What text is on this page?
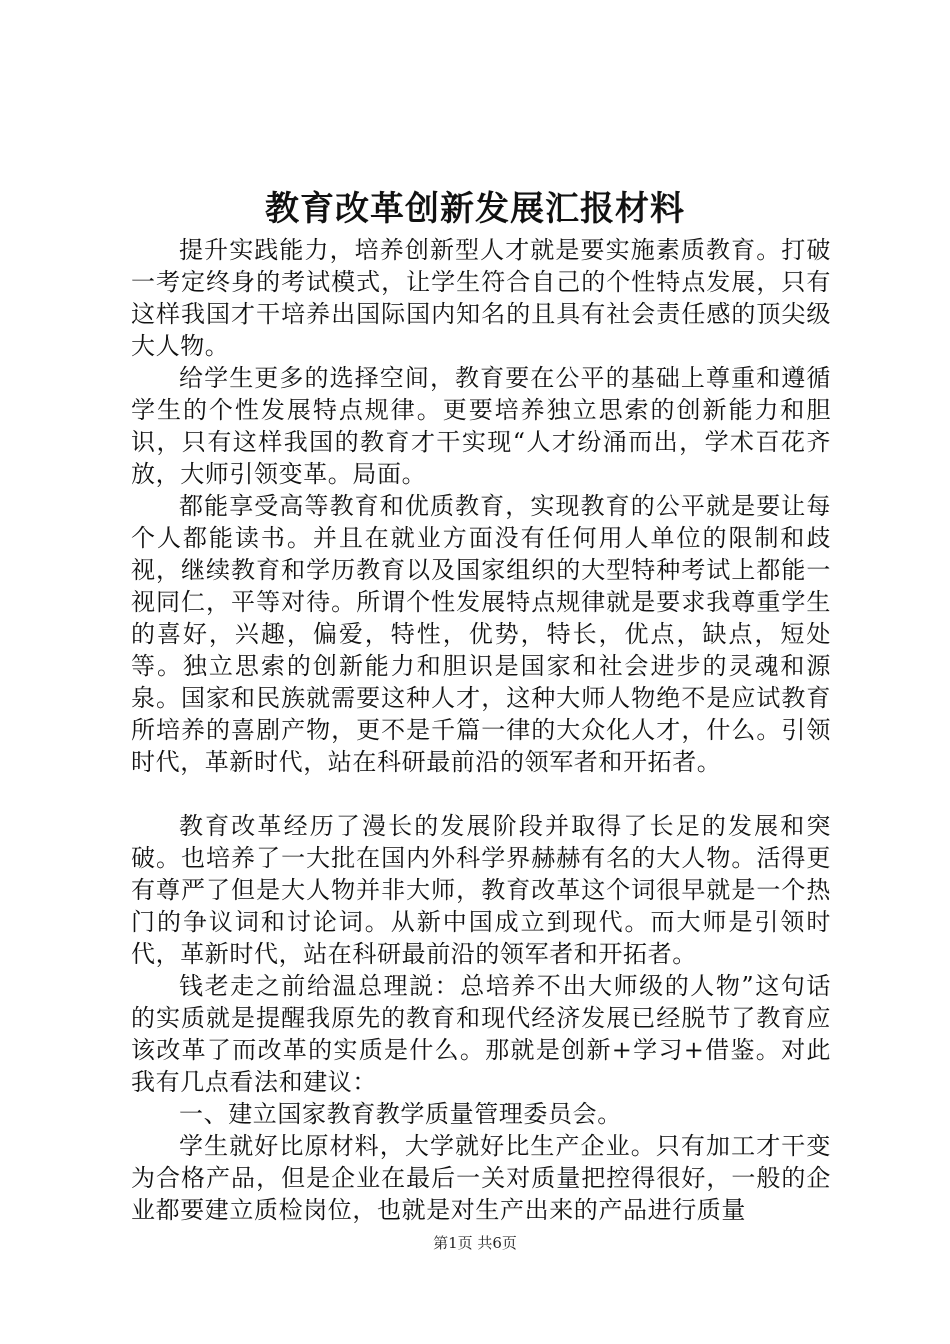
教育改革创新发展汇报材料

提升实践能力，培养创新型人才就是要实施素质教育。打破一考定终身的考试模式，让学生符合自己的个性特点发展，只有这样我国才干培养出国际国内知名的且具有社会责任感的顶尖级大人物。

给学生更多的选择空间，教育要在公平的基础上尊重和遵循学生的个性发展特点规律。更要培养独立思索的创新能力和胆识，只有这样我国的教育才干实现“人才纷涌而出，学术百花齐放，大师引领变革。局面。

都能享受高等教育和优质教育，实现教育的公平就是要让每个人都能读书。并且在就业方面没有任何用人单位的限制和歧视，继续教育和学历教育以及国家组织的大型特种考试上都能一视同仁，平等对待。所谓个性发展特点规律就是要求我尊重学生的喜好，兴趣，偏爱，特性，优势，特长，优点，缺点，短处等。独立思索的创新能力和胆识是国家和社会进步的灵魂和源泉。国家和民族就需要这种人才，这种大师人物绝不是应试教育所培养的喜剧产物，更不是千篇一律的大众化人才，什么。引领时代，革新时代，站在科研最前沿的领军者和开拓者。

教育改革经历了漫长的发展阶段并取得了长足的发展和突破。也培养了一大批在国内外科学界赫赫有名的大人物。活得更有尊严了但是大人物并非大师，教育改革这个词很早就是一个热门的争议词和讨论词。从新中国成立到现代。而大师是引领时代，革新时代，站在科研最前沿的领军者和开拓者。

钱老走之前给温总理説：总培养不出大师级的人物”这句话的实质就是提醒我原先的教育和现代经济发展已经脱节了教育应该改革了而改革的实质是什么。那就是创新+学习+借鉴。对此我有几点看法和建议：

一、建立国家教育教学质量管理委员会。

学生就好比原材料，大学就好比生产企业。只有加工才干变为合格产品，但是企业在最后一关对质量把控得很好，一般的企业都要建立质检岗位，也就是对生产出来的产品进行质量

第1页 共6页
